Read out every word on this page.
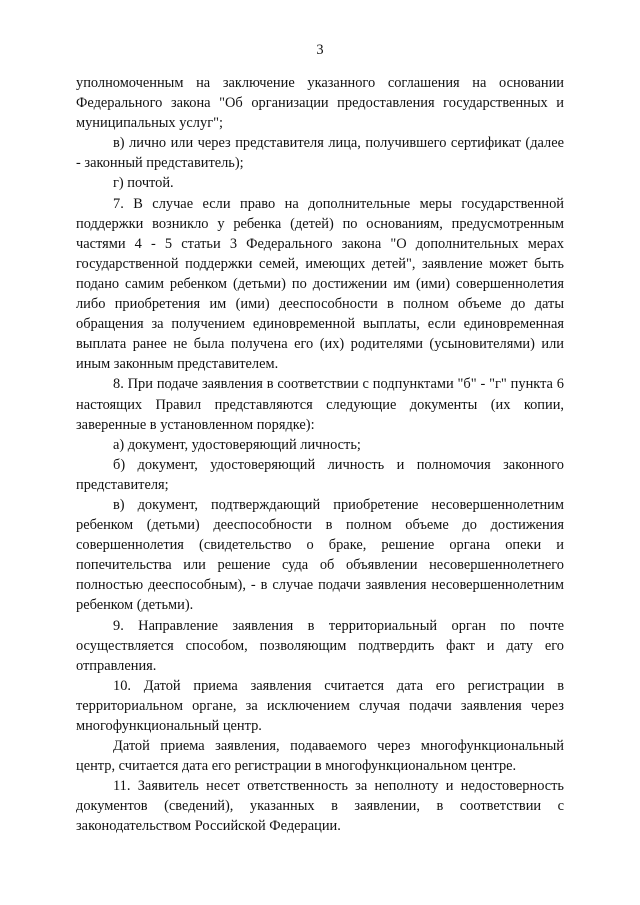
3

уполномоченным на заключение указанного соглашения на основании Федерального закона "Об организации предоставления государственных и муниципальных услуг";

в) лично или через представителя лица, получившего сертификат (далее - законный представитель);

г) почтой.

7. В случае если право на дополнительные меры государственной поддержки возникло у ребенка (детей) по основаниям, предусмотренным частями 4 - 5 статьи 3 Федерального закона "О дополнительных мерах государственной поддержки семей, имеющих детей", заявление может быть подано самим ребенком (детьми) по достижении им (ими) совершеннолетия либо приобретения им (ими) дееспособности в полном объеме до даты обращения за получением единовременной выплаты, если единовременная выплата ранее не была получена его (их) родителями (усыновителями) или иным законным представителем.

8. При подаче заявления в соответствии с подпунктами "б" - "г" пункта 6 настоящих Правил представляются следующие документы (их копии, заверенные в установленном порядке):

а) документ, удостоверяющий личность;

б) документ, удостоверяющий личность и полномочия законного представителя;

в) документ, подтверждающий приобретение несовершеннолетним ребенком (детьми) дееспособности в полном объеме до достижения совершеннолетия (свидетельство о браке, решение органа опеки и попечительства или решение суда об объявлении несовершеннолетнего полностью дееспособным), - в случае подачи заявления несовершеннолетним ребенком (детьми).

9. Направление заявления в территориальный орган по почте осуществляется способом, позволяющим подтвердить факт и дату его отправления.

10. Датой приема заявления считается дата его регистрации в территориальном органе, за исключением случая подачи заявления через многофункциональный центр.

Датой приема заявления, подаваемого через многофункциональный центр, считается дата его регистрации в многофункциональном центре.

11. Заявитель несет ответственность за неполноту и недостоверность документов (сведений), указанных в заявлении, в соответствии с законодательством Российской Федерации.
